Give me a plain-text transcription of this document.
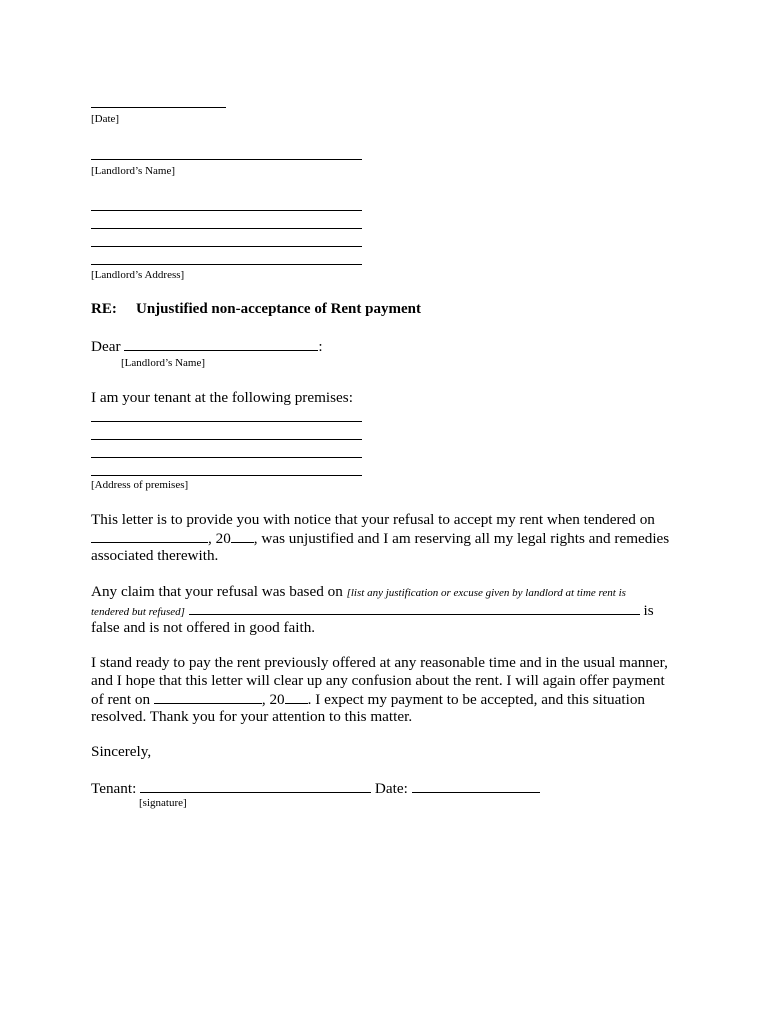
[Date]
[Landlord’s Name]
[Landlord’s Address]
RE: Unjustified non-acceptance of Rent payment
Dear	:
[Landlord’s Name]
I am your tenant at the following premises:
[Address of premises]
This letter is to provide you with notice that your refusal to accept my rent when tendered on
, 20 , was unjustified and I am reserving all my legal rights and remedies
associated therewith.
Any claim that your refusal was based on [list any justification or excuse given by landlord at time rent is
tendered but refused]	is
false and is not offered in good faith.
I stand ready to pay the rent previously offered at any reasonable time and in the usual manner,
and I hope that this letter will clear up any confusion about the rent. I will again offer payment
of rent on	, 20 . I expect my payment to be accepted, and this situation
resolved. Thank you for your attention to this matter.
Sincerely,
Tenant:	Date:
[signature]
